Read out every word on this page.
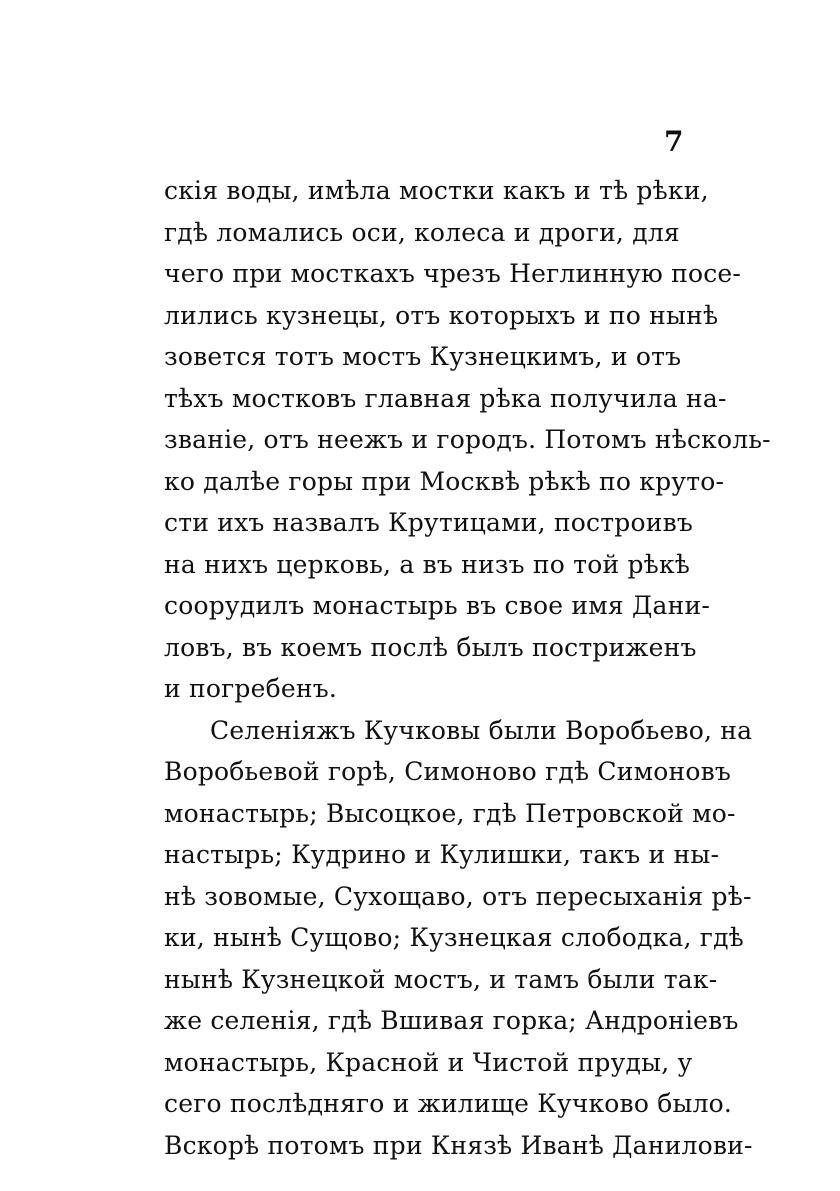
7
скія воды, имѣла мостки какъ и тѣ рѣки,
гдѣ ломались оси, колеса и дроги, для
чего при мосткахъ чрезъ Неглинную посе-
лились кузнецы, отъ которыхъ и по нынѣ
зовется тотъ мостъ Кузнецкимъ, и отъ
тѣхъ мостковъ главная рѣка получила на-
званіе, отъ неежъ и городъ. Потомъ нѣсколь-
ко далѣе горы при Москвѣ рѣкѣ по круто-
сти ихъ назвалъ Крутицами, построивъ
на нихъ церковь, а въ низъ по той рѣкѣ
соорудилъ монастырь въ свое имя Дани-
ловъ, въ коемъ послѣ былъ постриженъ
и погребенъ.
Селеніяжъ Кучковы были Воробьево, на
Воробьевой горѣ, Симоново гдѣ Симоновъ
монастырь; Высоцкое, гдѣ Петровской мо-
настырь; Кудрино и Кулишки, такъ и ны-
нѣ зовомые, Сухощаво, отъ пересыханія рѣ-
ки, нынѣ Сущово; Кузнецкая слободка, гдѣ
нынѣ Кузнецкой мостъ, и тамъ были так-
же селенія, гдѣ Вшивая горка; Андроніевъ
монастырь, Красной и Чистой пруды, у
сего послѣдняго и жилище Кучково было.
Вскорѣ потомъ при Князѣ Иванѣ Данилови-
